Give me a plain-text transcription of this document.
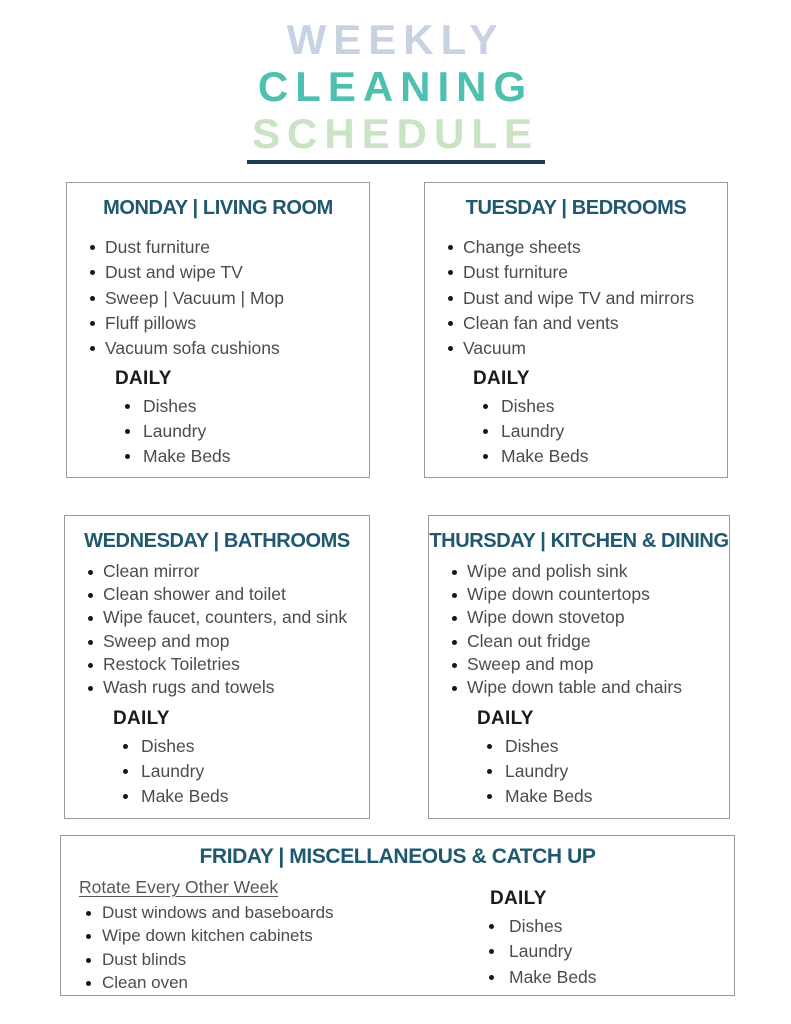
WEEKLY
CLEANING
SCHEDULE
MONDAY | LIVING ROOM
Dust furniture
Dust and wipe TV
Sweep | Vacuum | Mop
Fluff pillows
Vacuum sofa cushions
DAILY
Dishes
Laundry
Make Beds
TUESDAY | BEDROOMS
Change sheets
Dust furniture
Dust and wipe TV and mirrors
Clean fan and vents
Vacuum
DAILY
Dishes
Laundry
Make Beds
WEDNESDAY | BATHROOMS
Clean mirror
Clean shower and toilet
Wipe faucet, counters, and sink
Sweep and mop
Restock Toiletries
Wash rugs and towels
DAILY
Dishes
Laundry
Make Beds
THURSDAY | KITCHEN & DINING
Wipe and polish sink
Wipe down countertops
Wipe down stovetop
Clean out fridge
Sweep and mop
Wipe down table and chairs
DAILY
Dishes
Laundry
Make Beds
FRIDAY | MISCELLANEOUS & CATCH UP
Rotate Every Other Week
Dust windows and baseboards
Wipe down kitchen cabinets
Dust blinds
Clean oven
DAILY
Dishes
Laundry
Make Beds
